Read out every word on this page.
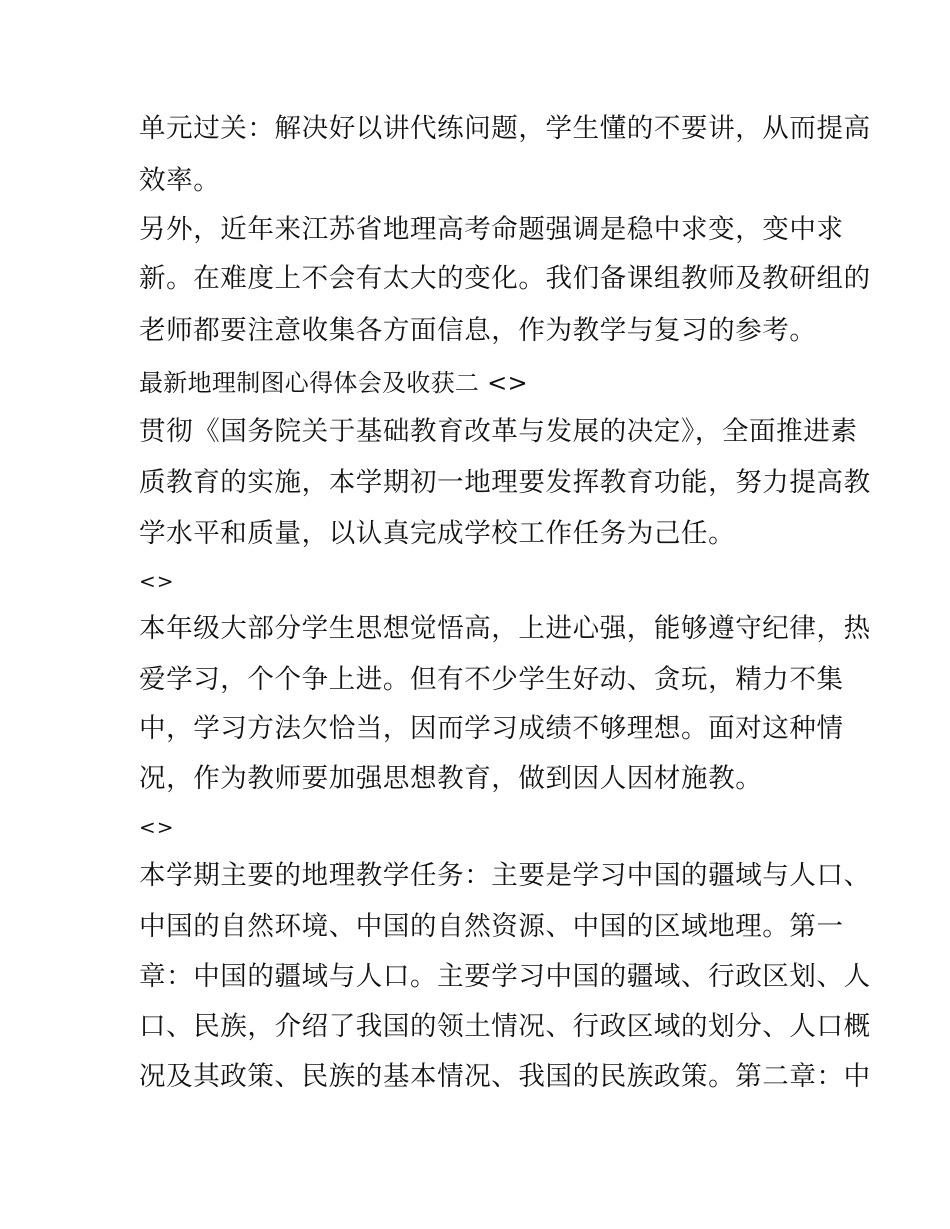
单元过关：解决好以讲代练问题，学生懂的不要讲，从而提高

效率。

另外，近年来江苏省地理高考命题强调是稳中求变，变中求

新。在难度上不会有太大的变化。我们备课组教师及教研组的

老师都要注意收集各方面信息，作为教学与复习的参考。

最新地理制图心得体会及收获二 <>

贯彻《国务院关于基础教育改革与发展的决定》，全面推进素

质教育的实施，本学期初一地理要发挥教育功能，努力提高教

学水平和质量，以认真完成学校工作任务为己任。

<>

本年级大部分学生思想觉悟高，上进心强，能够遵守纪律，热

爱学习，个个争上进。但有不少学生好动、贪玩，精力不集

中，学习方法欠恰当，因而学习成绩不够理想。面对这种情

况，作为教师要加强思想教育，做到因人因材施教。

<>

本学期主要的地理教学任务：主要是学习中国的疆域与人口、

中国的自然环境、中国的自然资源、中国的区域地理。第一

章：中国的疆域与人口。主要学习中国的疆域、行政区划、人

口、民族，介绍了我国的领土情况、行政区域的划分、人口概

况及其政策、民族的基本情况、我国的民族政策。第二章：中
